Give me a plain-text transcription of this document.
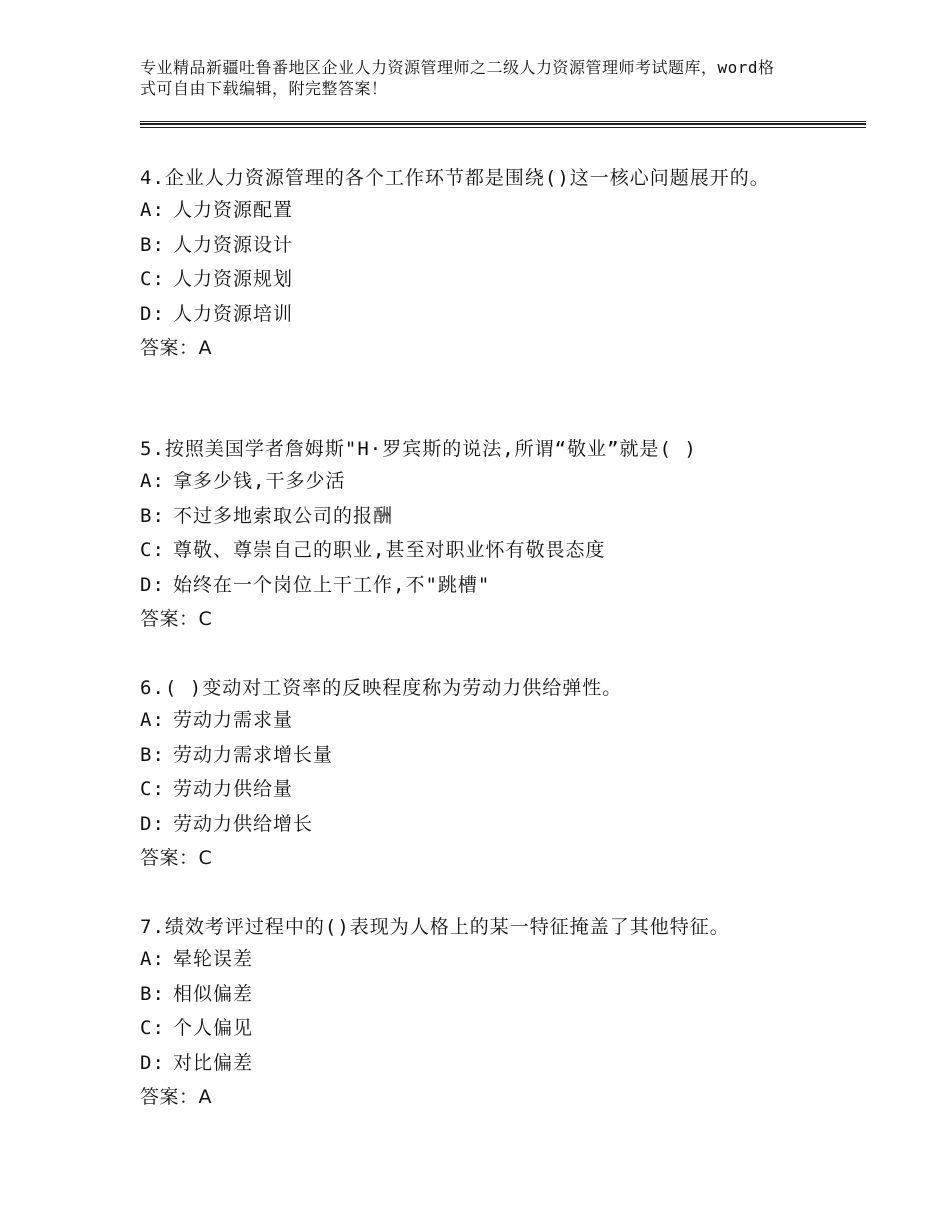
专业精品新疆吐鲁番地区企业人力资源管理师之二级人力资源管理师考试题库，word格式可自由下载编辑，附完整答案！

4.企业人力资源管理的各个工作环节都是围绕()这一核心问题展开的。

A: 人力资源配置
B: 人力资源设计
C: 人力资源规划
D: 人力资源培训
答案：A

5.按照美国学者詹姆斯"H·罗宾斯的说法,所谓“敬业”就是( )

A: 拿多少钱,干多少活
B: 不过多地索取公司的报酬
C: 尊敬、尊崇自己的职业,甚至对职业怀有敬畏态度
D: 始终在一个岗位上干工作,不"跳槽"
答案：C

6.( )变动对工资率的反映程度称为劳动力供给弹性。

A: 劳动力需求量
B: 劳动力需求增长量
C: 劳动力供给量
D: 劳动力供给增长
答案：C

7.绩效考评过程中的()表现为人格上的某一特征掩盖了其他特征。

A: 晕轮误差
B: 相似偏差
C: 个人偏见
D: 对比偏差
答案：A
